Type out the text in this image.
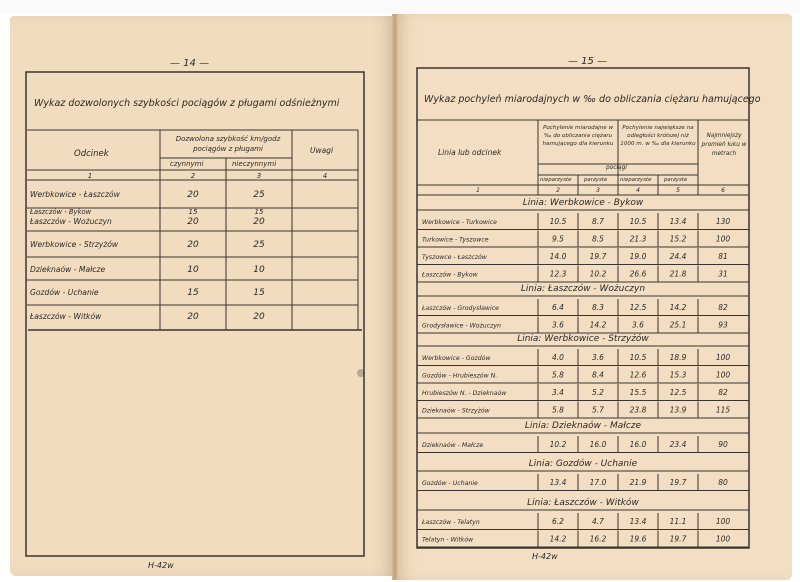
— 14 —
1	2	3	4
Werbkowice - Łaszczów	20	25
Łaszczów - Bykow	15	15
Łaszczów - Wożuczyn	20	20
Werbkowice - Strzyżów	20	25
Dzieknaów - Małcze	10	10
Gozdów - Uchanie	15	15
Łaszczów - Witków	20	20
Wykaz dozwolonych szybkości pociągów z pługami odśnieżnymi
Odcinek
Dozwolona szybkość km/godz pociągów z pługami
czynnymi	nieczynnymi
Uwagi
H-42w
— 15 —
1	2	3	4	5	6
Linia: Werbkowice - Bykow
Werbkowice - Turkowice	10.5	8.7	10.5	13.4	130
Turkowice - Tyszowce	9.5	8.5	21.3	15.2	100
Tyszowce - Łaszczów	14.0	19.7	19.0	24.4	81
Łaszczów - Bykow	12.3	10.2	26.6	21.8	31
Linia: Łaszczów - Wożuczyn
Łaszczów - Grodysławice	6.4	8.3	12.5	14.2	82
Grodysławice - Wożuczyn	3.6	14.2	3.6	25.1	93
Linia: Werbkowice - Strzyżów
Werbkowice - Gozdów	4.0	3.6	10.5	18.9	100
Gozdów - Hrubieszów N.	5.8	8.4	12.6	15.3	100
Hrubieszów N. - Dzieknaów	3.4	5.2	15.5	12.5	82
Dzieknaów - Strzyżów	5.8	5.7	23.8	13.9	115
Linia: Dzieknaów - Małcze
Dzieknaów - Małcze	10.2	16.0	16.0	23.4	90
Linia: Gozdów - Uchanie
Gozdów - Uchanie	13.4	17.0	21.9	19.7	80
Linia: Łaszczów - Witków
Łaszczów - Telatyn	6.2	4.7	13.4	11.1	100
Telatyn - Witków	14.2	16.2	19.6	19.7	100
Wykaz pochyleń miarodajnych w ‰ do obliczania ciężaru hamującego
Linia lub odcinek
Pochylenie miarodajne w ‰ do obliczania ciężaru hamującego dla kierunku
Pochylenie największe na odległości krótszej niż 1000 m. w ‰ dla kierunku
pociągi
nieparzyste parzyste nieparzyste parzyste
Najmniejszy promień łuku w metrach
H-42w
